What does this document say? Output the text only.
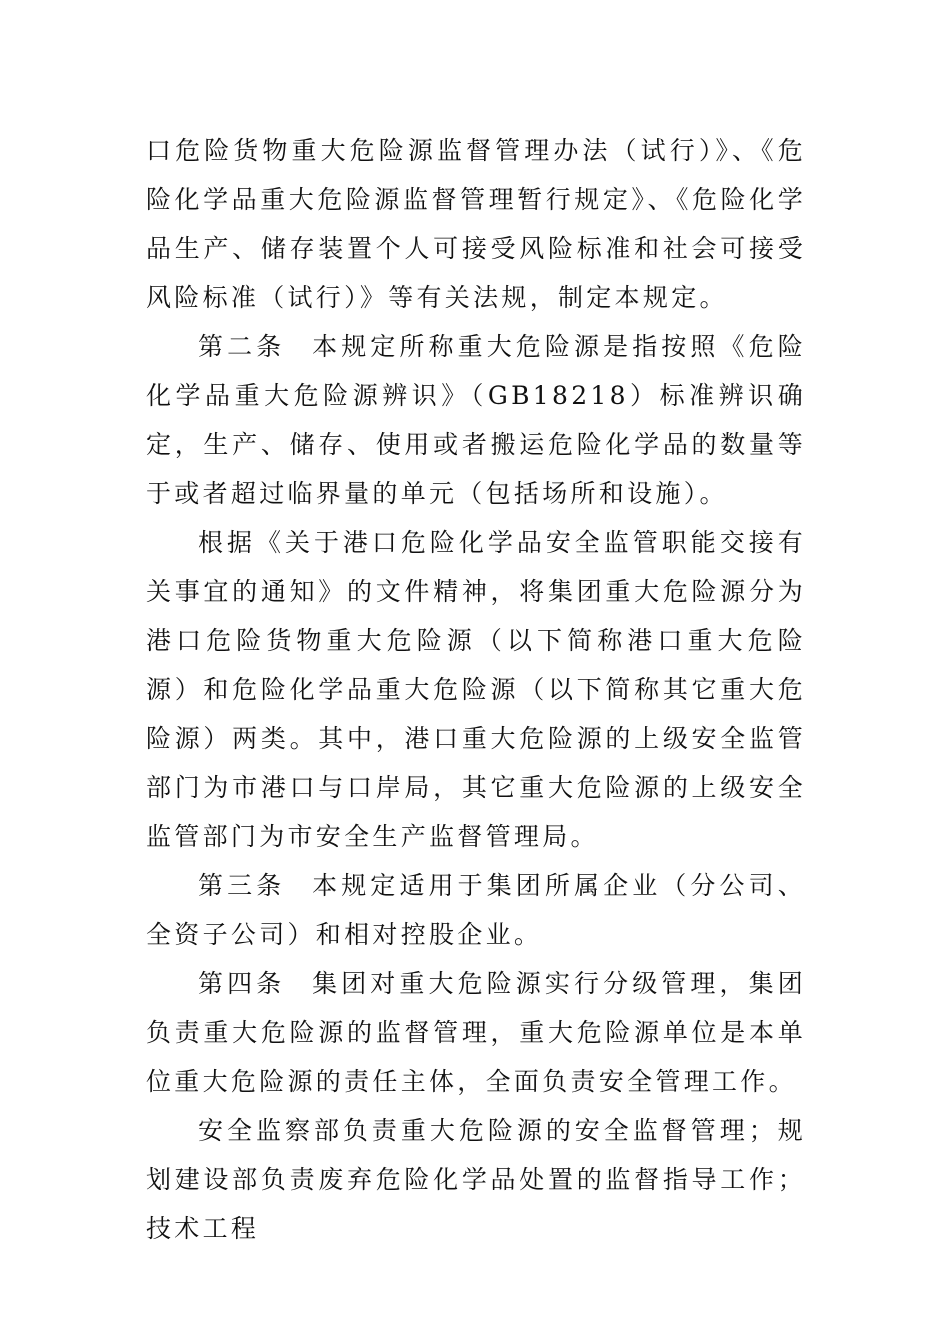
口危险货物重大危险源监督管理办法（试行）》、《危险化学品重大危险源监督管理暂行规定》、《危险化学品生产、储存装置个人可接受风险标准和社会可接受风险标准（试行）》等有关法规，制定本规定。

第二条 本规定所称重大危险源是指按照《危险化学品重大危险源辨识》（GB18218）标准辨识确定，生产、储存、使用或者搬运危险化学品的数量等于或者超过临界量的单元（包括场所和设施）。

根据《关于港口危险化学品安全监管职能交接有关事宜的通知》的文件精神，将集团重大危险源分为港口危险货物重大危险源（以下简称港口重大危险源）和危险化学品重大危险源（以下简称其它重大危险源）两类。其中，港口重大危险源的上级安全监管部门为市港口与口岸局，其它重大危险源的上级安全监管部门为市安全生产监督管理局。

第三条 本规定适用于集团所属企业（分公司、全资子公司）和相对控股企业。

第四条 集团对重大危险源实行分级管理，集团负责重大危险源的监督管理，重大危险源单位是本单位重大危险源的责任主体，全面负责安全管理工作。

安全监察部负责重大危险源的安全监督管理；规划建设部负责废弃危险化学品处置的监督指导工作；技术工程
